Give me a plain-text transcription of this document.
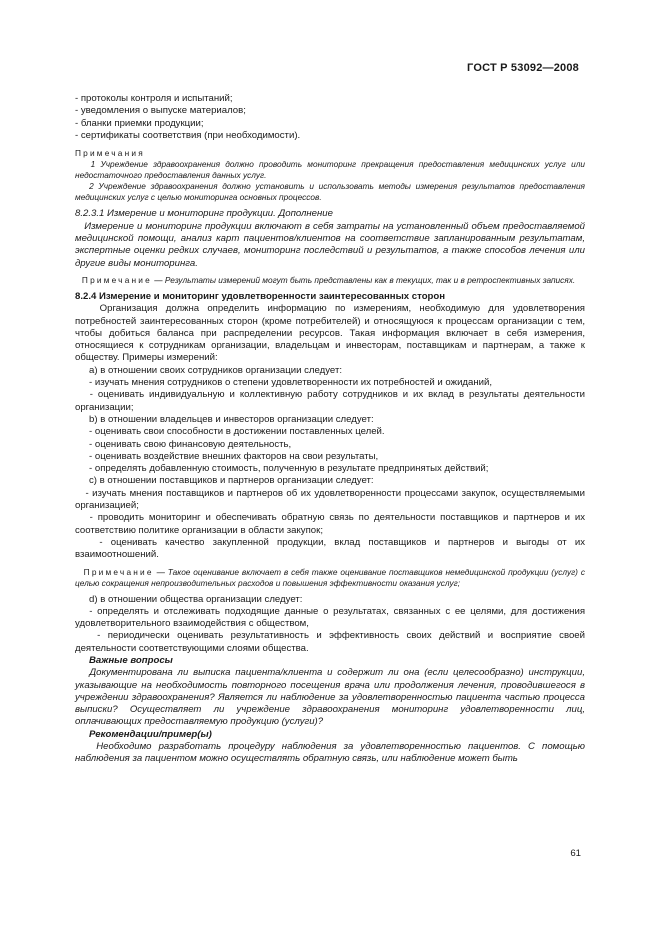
ГОСТ Р 53092—2008

- протоколы контроля и испытаний;

- уведомления о выпуске материалов;

- бланки приемки продукции;

- сертификаты соответствия (при необходимости).

Примечания

1 Учреждение здравоохранения должно проводить мониторинг прекращения предоставления медицинских услуг или недостаточного предоставления данных услуг.

2 Учреждение здравоохранения должно установить и использовать методы измерения результатов предоставления медицинских услуг с целью мониторинга основных процессов.

8.2.3.1 Измерение и мониторинг продукции. Дополнение

Измерение и мониторинг продукции включают в себя затраты на установленный объем предоставляемой медицинской помощи, анализ карт пациентов/клиентов на соответствие запланированным результатам, экспертные оценки редких случаев, мониторинг последствий и результатов, а также способов лечения или другие виды мониторинга.

Примечание — Результаты измерений могут быть представлены как в текущих, так и в ретроспективных записях.

8.2.4 Измерение и мониторинг удовлетворенности заинтересованных сторон

Организация должна определить информацию по измерениям, необходимую для удовлетворения потребностей заинтересованных сторон (кроме потребителей) и относящуюся к процессам организации с тем, чтобы добиться баланса при распределении ресурсов. Такая информация включает в себя измерения, относящиеся к сотрудникам организации, владельцам и инвесторам, поставщикам и партнерам, а также к обществу. Примеры измерений:

а) в отношении своих сотрудников организации следует:

- изучать мнения сотрудников о степени удовлетворенности их потребностей и ожиданий,

- оценивать индивидуальную и коллективную работу сотрудников и их вклад в результаты деятельности организации;

b) в отношении владельцев и инвесторов организации следует:

- оценивать свои способности в достижении поставленных целей.

- оценивать свою финансовую деятельность,

- оценивать воздействие внешних факторов на свои результаты,

- определять добавленную стоимость, полученную в результате предпринятых действий;

с) в отношении поставщиков и партнеров организации следует:

- изучать мнения поставщиков и партнеров об их удовлетворенности процессами закупок, осуществляемыми организацией;

- проводить мониторинг и обеспечивать обратную связь по деятельности поставщиков и партнеров и их соответствию политике организации в области закупок;

- оценивать качество закупленной продукции, вклад поставщиков и партнеров и выгоды от их взаимоотношений.

Примечание — Такое оценивание включает в себя также оценивание поставщиков немедицинской продукции (услуг) с целью сокращения непроизводительных расходов и повышения эффективности оказания услуг;

d) в отношении общества организации следует:

- определять и отслеживать подходящие данные о результатах, связанных с ее целями, для достижения удовлетворительного взаимодействия с обществом,

- периодически оценивать результативность и эффективность своих действий и восприятие своей деятельности соответствующими слоями общества.

Важные вопросы

Документирована ли выписка пациента/клиента и содержит ли она (если целесообразно) инструкции, указывающие на необходимость повторного посещения врача или продолжения лечения, проводившегося в учреждении здравоохранения? Является ли наблюдение за удовлетворенностью пациента частью процесса выписки? Осуществляет ли учреждение здравоохранения мониторинг удовлетворенности лиц, оплачивающих предоставляемую продукцию (услуги)?

Рекомендации/пример(ы)

Необходимо разработать процедуру наблюдения за удовлетворенностью пациентов. С помощью наблюдения за пациентом можно осуществлять обратную связь, или наблюдение может быть

61
